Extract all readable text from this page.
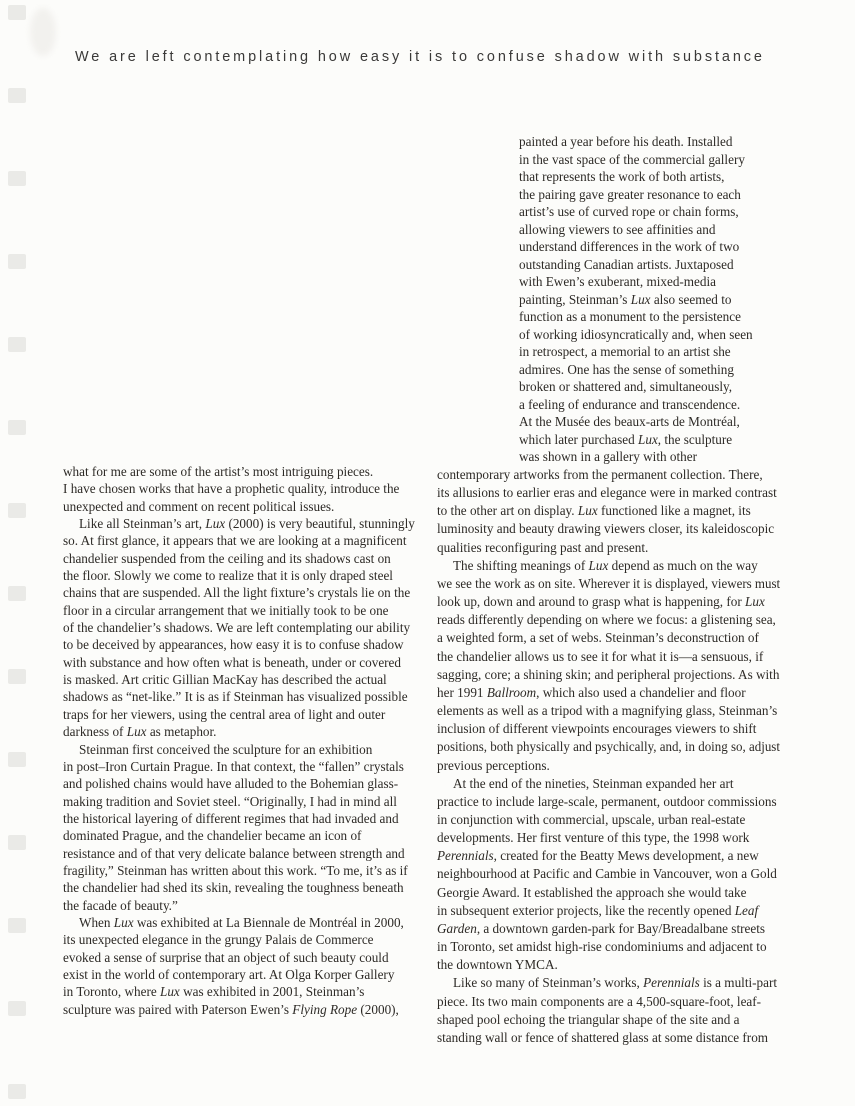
We are left contemplating how easy it is to confuse shadow with substance
painted a year before his death. Installed
in the vast space of the commercial gallery
that represents the work of both artists,
the pairing gave greater resonance to each
artist’s use of curved rope or chain forms,
allowing viewers to see affinities and
understand differences in the work of two
outstanding Canadian artists. Juxtaposed
with Ewen’s exuberant, mixed-media
painting, Steinman’s Lux also seemed to
function as a monument to the persistence
of working idiosyncratically and, when seen
in retrospect, a memorial to an artist she
admires. One has the sense of something
broken or shattered and, simultaneously,
a feeling of endurance and transcendence.
At the Musée des beaux-arts de Montréal,
which later purchased Lux, the sculpture
was shown in a gallery with other
what for me are some of the artist’s most intriguing pieces.
I have chosen works that have a prophetic quality, introduce the
unexpected and comment on recent political issues.
Like all Steinman’s art, Lux (2000) is very beautiful, stunningly
so. At first glance, it appears that we are looking at a magnificent
chandelier suspended from the ceiling and its shadows cast on
the floor. Slowly we come to realize that it is only draped steel
chains that are suspended. All the light fixture’s crystals lie on the
floor in a circular arrangement that we initially took to be one
of the chandelier’s shadows. We are left contemplating our ability
to be deceived by appearances, how easy it is to confuse shadow
with substance and how often what is beneath, under or covered
is masked. Art critic Gillian MacKay has described the actual
shadows as “net-like.” It is as if Steinman has visualized possible
traps for her viewers, using the central area of light and outer
darkness of Lux as metaphor.
Steinman first conceived the sculpture for an exhibition
in post–Iron Curtain Prague. In that context, the “fallen” crystals
and polished chains would have alluded to the Bohemian glass-
making tradition and Soviet steel. “Originally, I had in mind all
the historical layering of different regimes that had invaded and
dominated Prague, and the chandelier became an icon of
resistance and of that very delicate balance between strength and
fragility,” Steinman has written about this work. “To me, it’s as if
the chandelier had shed its skin, revealing the toughness beneath
the facade of beauty.”
When Lux was exhibited at La Biennale de Montréal in 2000,
its unexpected elegance in the grungy Palais de Commerce
evoked a sense of surprise that an object of such beauty could
exist in the world of contemporary art. At Olga Korper Gallery
in Toronto, where Lux was exhibited in 2001, Steinman’s
sculpture was paired with Paterson Ewen’s Flying Rope (2000),
contemporary artworks from the permanent collection. There,
its allusions to earlier eras and elegance were in marked contrast
to the other art on display. Lux functioned like a magnet, its
luminosity and beauty drawing viewers closer, its kaleidoscopic
qualities reconfiguring past and present.
The shifting meanings of Lux depend as much on the way
we see the work as on site. Wherever it is displayed, viewers must
look up, down and around to grasp what is happening, for Lux
reads differently depending on where we focus: a glistening sea,
a weighted form, a set of webs. Steinman’s deconstruction of
the chandelier allows us to see it for what it is—a sensuous, if
sagging, core; a shining skin; and peripheral projections. As with
her 1991 Ballroom, which also used a chandelier and floor
elements as well as a tripod with a magnifying glass, Steinman’s
inclusion of different viewpoints encourages viewers to shift
positions, both physically and psychically, and, in doing so, adjust
previous perceptions.
At the end of the nineties, Steinman expanded her art
practice to include large-scale, permanent, outdoor commissions
in conjunction with commercial, upscale, urban real-estate
developments. Her first venture of this type, the 1998 work
Perennials, created for the Beatty Mews development, a new
neighbourhood at Pacific and Cambie in Vancouver, won a Gold
Georgie Award. It established the approach she would take
in subsequent exterior projects, like the recently opened Leaf
Garden, a downtown garden-park for Bay/Breadalbane streets
in Toronto, set amidst high-rise condominiums and adjacent to
the downtown YMCA.
Like so many of Steinman’s works, Perennials is a multi-part
piece. Its two main components are a 4,500-square-foot, leaf-
shaped pool echoing the triangular shape of the site and a
standing wall or fence of shattered glass at some distance from
